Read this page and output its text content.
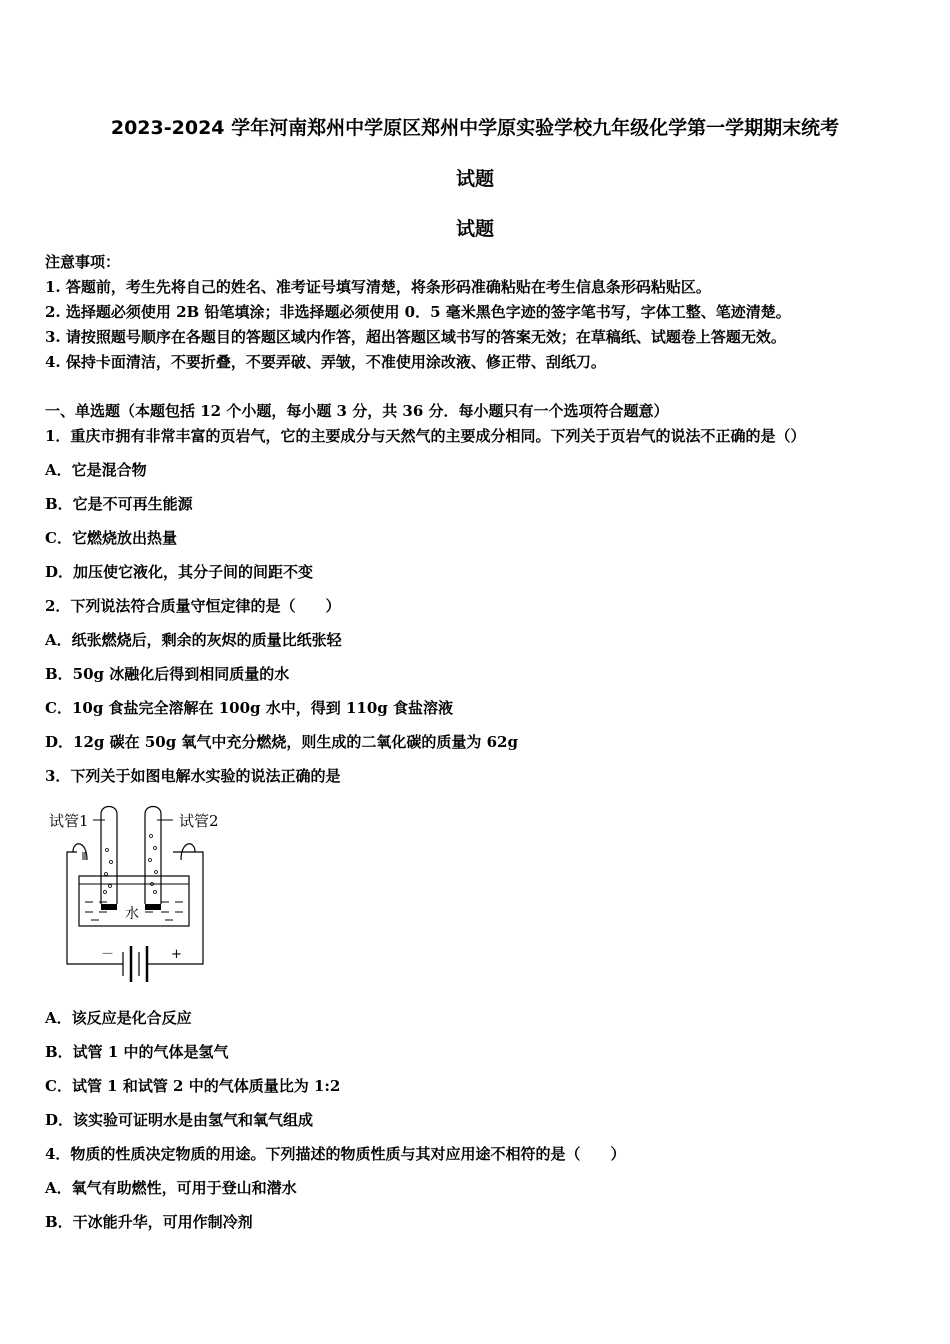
2023-2024 学年河南郑州中学原区郑州中学原实验学校九年级化学第一学期期末统考
试题
试题
注意事项：
1. 答题前，考生先将自己的姓名、准考证号填写清楚，将条形码准确粘贴在考生信息条形码粘贴区。
2. 选择题必须使用 2B 铅笔填涂；非选择题必须使用 0．5 毫米黑色字迹的签字笔书写，字体工整、笔迹清楚。
3. 请按照题号顺序在各题目的答题区域内作答，超出答题区域书写的答案无效；在草稿纸、试题卷上答题无效。
4. 保持卡面清洁，不要折叠，不要弄破、弄皱，不准使用涂改液、修正带、刮纸刀。
一、单选题（本题包括 12 个小题，每小题 3 分，共 36 分．每小题只有一个选项符合题意）
1．重庆市拥有非常丰富的页岩气，它的主要成分与天然气的主要成分相同。下列关于页岩气的说法不正确的是（）
A．它是混合物
B．它是不可再生能源
C．它燃烧放出热量
D．加压使它液化，其分子间的间距不变
2．下列说法符合质量守恒定律的是（　　）
A．纸张燃烧后，剩余的灰烬的质量比纸张轻
B．50g 冰融化后得到相同质量的水
C．10g 食盐完全溶解在 100g 水中，得到 110g 食盐溶液
D．12g 碳在 50g 氧气中充分燃烧，则生成的二氧化碳的质量为 62g
3．下列关于如图电解水实验的说法正确的是
试管1	试管2
水
－	+
A．该反应是化合反应
B．试管 1 中的气体是氢气
C．试管 1 和试管 2 中的气体质量比为 1:2
D．该实验可证明水是由氢气和氧气组成
4．物质的性质决定物质的用途。下列描述的物质性质与其对应用途不相符的是（　　）
A．氧气有助燃性，可用于登山和潜水
B．干冰能升华，可用作制冷剂
